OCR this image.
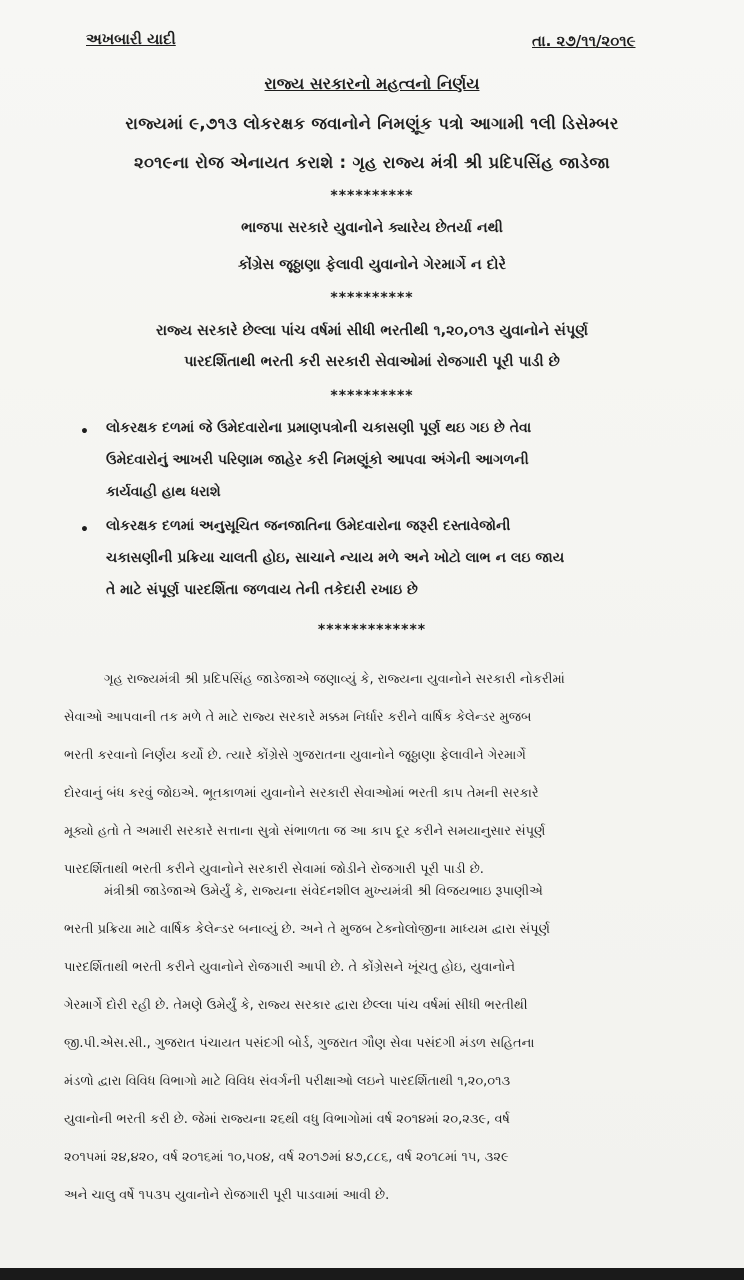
અખબારી યાદી	તા. ૨૭/૧૧/૨૦૧૯
રાજ્ય સરકારનો મહત્વનો નિર્ણય
રાજ્યમાં ૯,૭૧૩ લોકરક્ષક જવાનોને નિમણૂંક પત્રો આગામી ૧લી ડિસેમ્બર
૨૦૧૯ના રોજ એનાયત કરાશે : ગૃહ રાજ્ય મંત્રી શ્રી પ્રદિપસિંહ જાડેજા
**********
ભાજપા સરકારે યુવાનોને ક્યારેય છેતર્યા નથી
કોંગ્રેસ જૂઠ્ઠાણા ફેલાવી યુવાનોને ગેરમાર્ગે ન દોરે
**********
રાજ્ય સરકારે છેલ્લા પાંચ વર્ષમાં સીધી ભરતીથી ૧,૨૦,૦૧૩ યુવાનોને સંપૂર્ણ
પારદર્શિતાથી ભરતી કરી સરકારી સેવાઓમાં રોજગારી પૂરી પાડી છે
**********
• લોકરક્ષક દળમાં જે ઉમેદવારોના પ્રમાણપત્રોની ચકાસણી પૂર્ણ થઇ ગઇ છે તેવા
ઉમેદવારોનું આખરી પરિણામ જાહેર કરી નિમણૂંકો આપવા અંગેની આગળની
કાર્યવાહી હાથ ધરાશે
• લોકરક્ષક દળમાં અનુસૂચિત જનજાતિના ઉમેદવારોના જરૂરી દસ્તાવેજોની
ચકાસણીની પ્રક્રિયા ચાલતી હોઇ, સાચાને ન્યાય મળે અને ખોટો લાભ ન લઇ જાય
તે માટે સંપૂર્ણ પારદર્શિતા જળવાય તેની તકેદારી રખાઇ છે
*************
ગૃહ રાજ્યમંત્રી શ્રી પ્રદિપસિંહ જાડેજાએ જણાવ્યું કે, રાજ્યના યુવાનોને સરકારી નોકરીમાં
સેવાઓ આપવાની તક મળે તે માટે રાજ્ય સરકારે મક્કમ નિર્ધાર કરીને વાર્ષિક કેલેન્ડર મુજબ
ભરતી કરવાનો નિર્ણય કર્યો છે. ત્યારે કોંગ્રેસે ગુજરાતના યુવાનોને જૂઠ્ઠાણા ફેલાવીને ગેરમાર્ગે
દોરવાનું બંધ કરવું જોઇએ. ભૂતકાળમાં યુવાનોને સરકારી સેવાઓમાં ભરતી કાપ તેમની સરકારે
મૂક્યો હતો તે અમારી સરકારે સત્તાના સુત્રો સંભાળતા જ આ કાપ દૂર કરીને સમયાનુસાર સંપૂર્ણ
પારદર્શિતાથી ભરતી કરીને યુવાનોને સરકારી સેવામાં જોડીને રોજગારી પૂરી પાડી છે.
મંત્રીશ્રી જાડેજાએ ઉમેર્યું કે, રાજ્યના સંવેદનશીલ મુખ્યમંત્રી શ્રી વિજયભાઇ રૂપાણીએ
ભરતી પ્રક્રિયા માટે વાર્ષિક કેલેન્ડર બનાવ્યું છે. અને તે મુજબ ટેક્નોલોજીના માધ્યમ દ્વારા સંપૂર્ણ
પારદર્શિતાથી ભરતી કરીને યુવાનોને રોજગારી આપી છે. તે કોંગ્રેસને ખૂંચતુ હોઇ, યુવાનોને
ગેરમાર્ગે દોરી રહી છે. તેમણે ઉમેર્યું કે, રાજ્ય સરકાર દ્વારા છેલ્લા પાંચ વર્ષમાં સીધી ભરતીથી
જી.પી.એસ.સી., ગુજરાત પંચાયત પસંદગી બોર્ડ, ગુજરાત ગૌણ સેવા પસંદગી મંડળ સહિતના
મંડળો દ્વારા વિવિધ વિભાગો માટે વિવિધ સંવર્ગની પરીક્ષાઓ લઇને પારદર્શિતાથી ૧,૨૦,૦૧૩
યુવાનોની ભરતી કરી છે. જેમાં રાજ્યના ૨૬થી વધુ વિભાગોમાં વર્ષ ૨૦૧૪માં ૨૦,૨૩૯, વર્ષ
૨૦૧૫માં ૨૪,૪૨૦, વર્ષ ૨૦૧૬માં ૧૦,૫૦૪, વર્ષ ૨૦૧૭માં ૪૭,૮૮૬, વર્ષ ૨૦૧૮માં ૧૫, ૩૨૯
અને ચાલુ વર્ષે ૧૫૩૫ યુવાનોને રોજગારી પૂરી પાડવામાં આવી છે.
